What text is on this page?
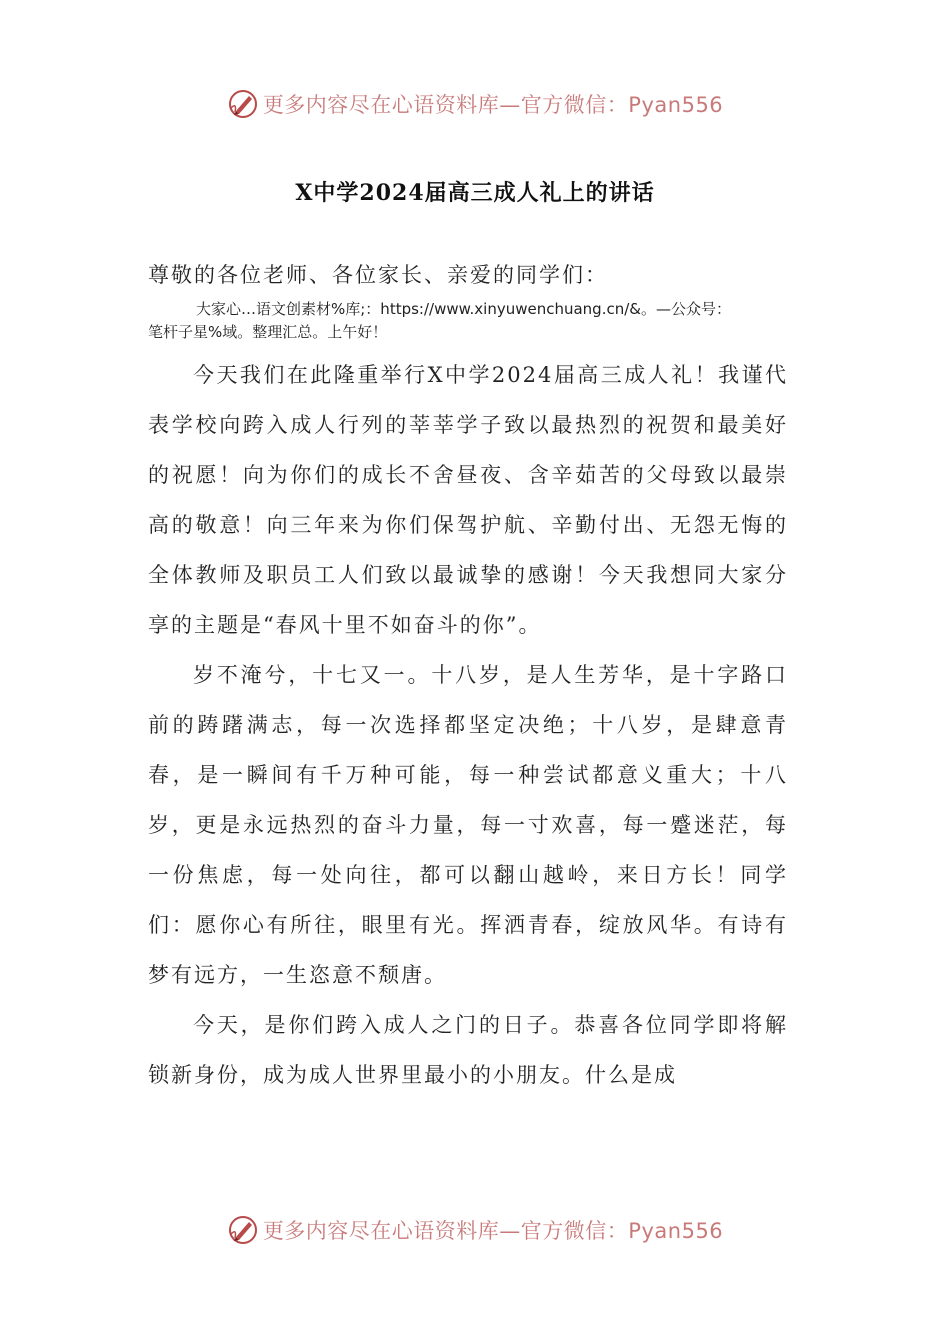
更多内容尽在心语资料库—官方微信：Pyan556
X中学2024届高三成人礼上的讲话
尊敬的各位老师、各位家长、亲爱的同学们：
大家心…语文创素材%库;：https://www.xinyuwenchuang.cn/&。—公众号：
笔杆子星%域。整理汇总。上午好！

今天我们在此隆重举行X中学2024届高三成人礼！我谨代表学校向跨入成人行列的莘莘学子致以最热烈的祝贺和最美好的祝愿！向为你们的成长不舍昼夜、含辛茹苦的父母致以最崇高的敬意！向三年来为你们保驾护航、辛勤付出、无怨无悔的全体教师及职员工人们致以最诚挚的感谢！今天我想同大家分享的主题是“春风十里不如奋斗的你”。

岁不淹兮，十七又一。十八岁，是人生芳华，是十字路口前的踌躇满志，每一次选择都坚定决绝；十八岁，是肆意青春，是一瞬间有千万种可能，每一种尝试都意义重大；十八岁，更是永远热烈的奋斗力量，每一寸欢喜，每一蹙迷茫，每一份焦虑，每一处向往，都可以翻山越岭，来日方长！同学们：愿你心有所往，眼里有光。挥洒青春，绽放风华。有诗有梦有远方，一生恣意不颓唐。

今天，是你们跨入成人之门的日子。恭喜各位同学即将解锁新身份，成为成人世界里最小的小朋友。什么是成

更多内容尽在心语资料库—官方微信：Pyan556
